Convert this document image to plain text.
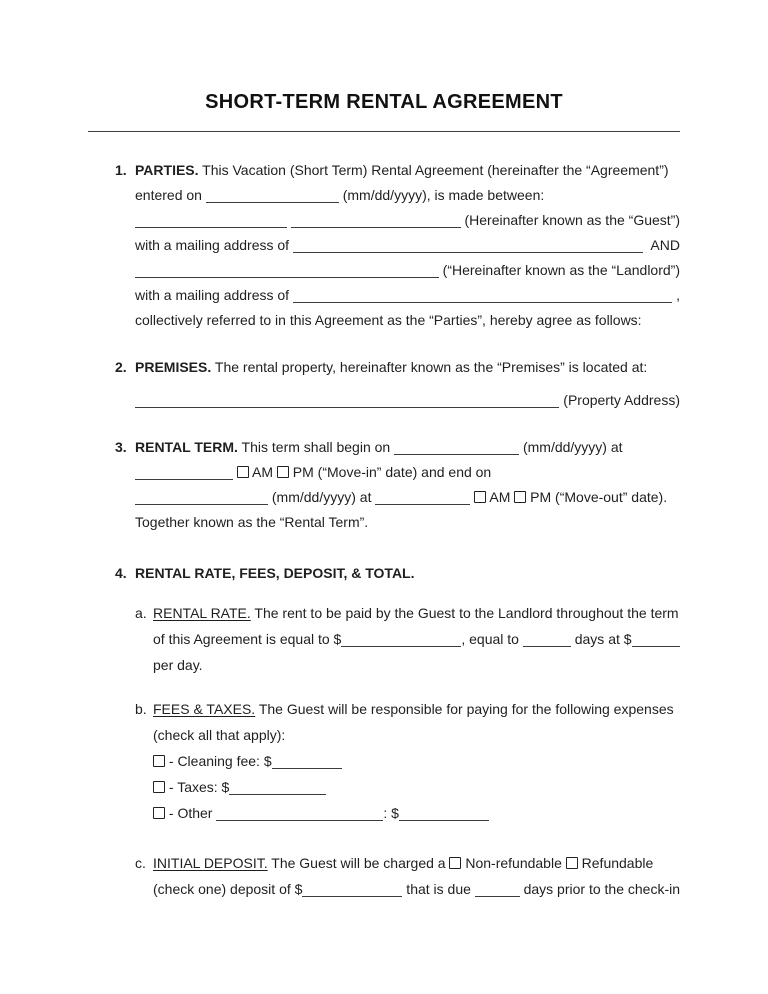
SHORT-TERM RENTAL AGREEMENT
1. PARTIES. This Vacation (Short Term) Rental Agreement (hereinafter the “Agreement”)
entered on	(mm/dd/yyyy), is made between:

(Hereinafter known as the “Guest”)
with a mailing address of	AND
(“Hereinafter known as the “Landlord”)
with a mailing address of	,
collectively referred to in this Agreement as the “Parties”, hereby agree as follows:
2. PREMISES. The rental property, hereinafter known as the “Premises” is located at:
(Property Address)
3. RENTAL TERM. This term shall begin on	(mm/dd/yyyy) at

AM PM (“Move-in” date) and end on
(mm/dd/yyyy) at
	AM PM (“Move-out” date).
Together known as the “Rental Term”.
4. RENTAL RATE, FEES, DEPOSIT, & TOTAL.
a. RENTAL RATE. The rent to be paid by the Guest to the Landlord throughout the term
of this Agreement is equal to $	, equal to	days at $
per day.
b. FEES & TAXES. The Guest will be responsible for paying for the following expenses
(check all that apply):
- Cleaning fee: $
- Taxes: $
- Other	: $
c. INITIAL DEPOSIT. The Guest will be charged a Non-refundable Refundable
(check one) deposit of $	that is due	days prior to the check-in
